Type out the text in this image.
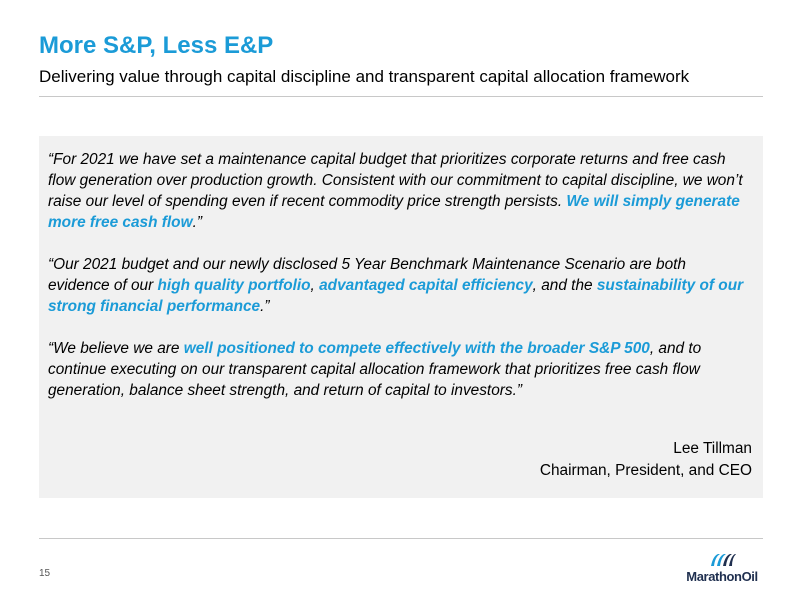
More S&P, Less E&P
Delivering value through capital discipline and transparent capital allocation framework

“For 2021 we have set a maintenance capital budget that prioritizes corporate returns and free cash flow generation over production growth. Consistent with our commitment to capital discipline, we won’t raise our level of spending even if recent commodity price strength persists. We will simply generate more free cash flow.”

“Our 2021 budget and our newly disclosed 5 Year Benchmark Maintenance Scenario are both evidence of our high quality portfolio, advantaged capital efficiency, and the sustainability of our strong financial performance.”

“We believe we are well positioned to compete effectively with the broader S&P 500, and to continue executing on our transparent capital allocation framework that prioritizes free cash flow generation, balance sheet strength, and return of capital to investors.”

Lee Tillman
Chairman, President, and CEO
15	MarathonOil
